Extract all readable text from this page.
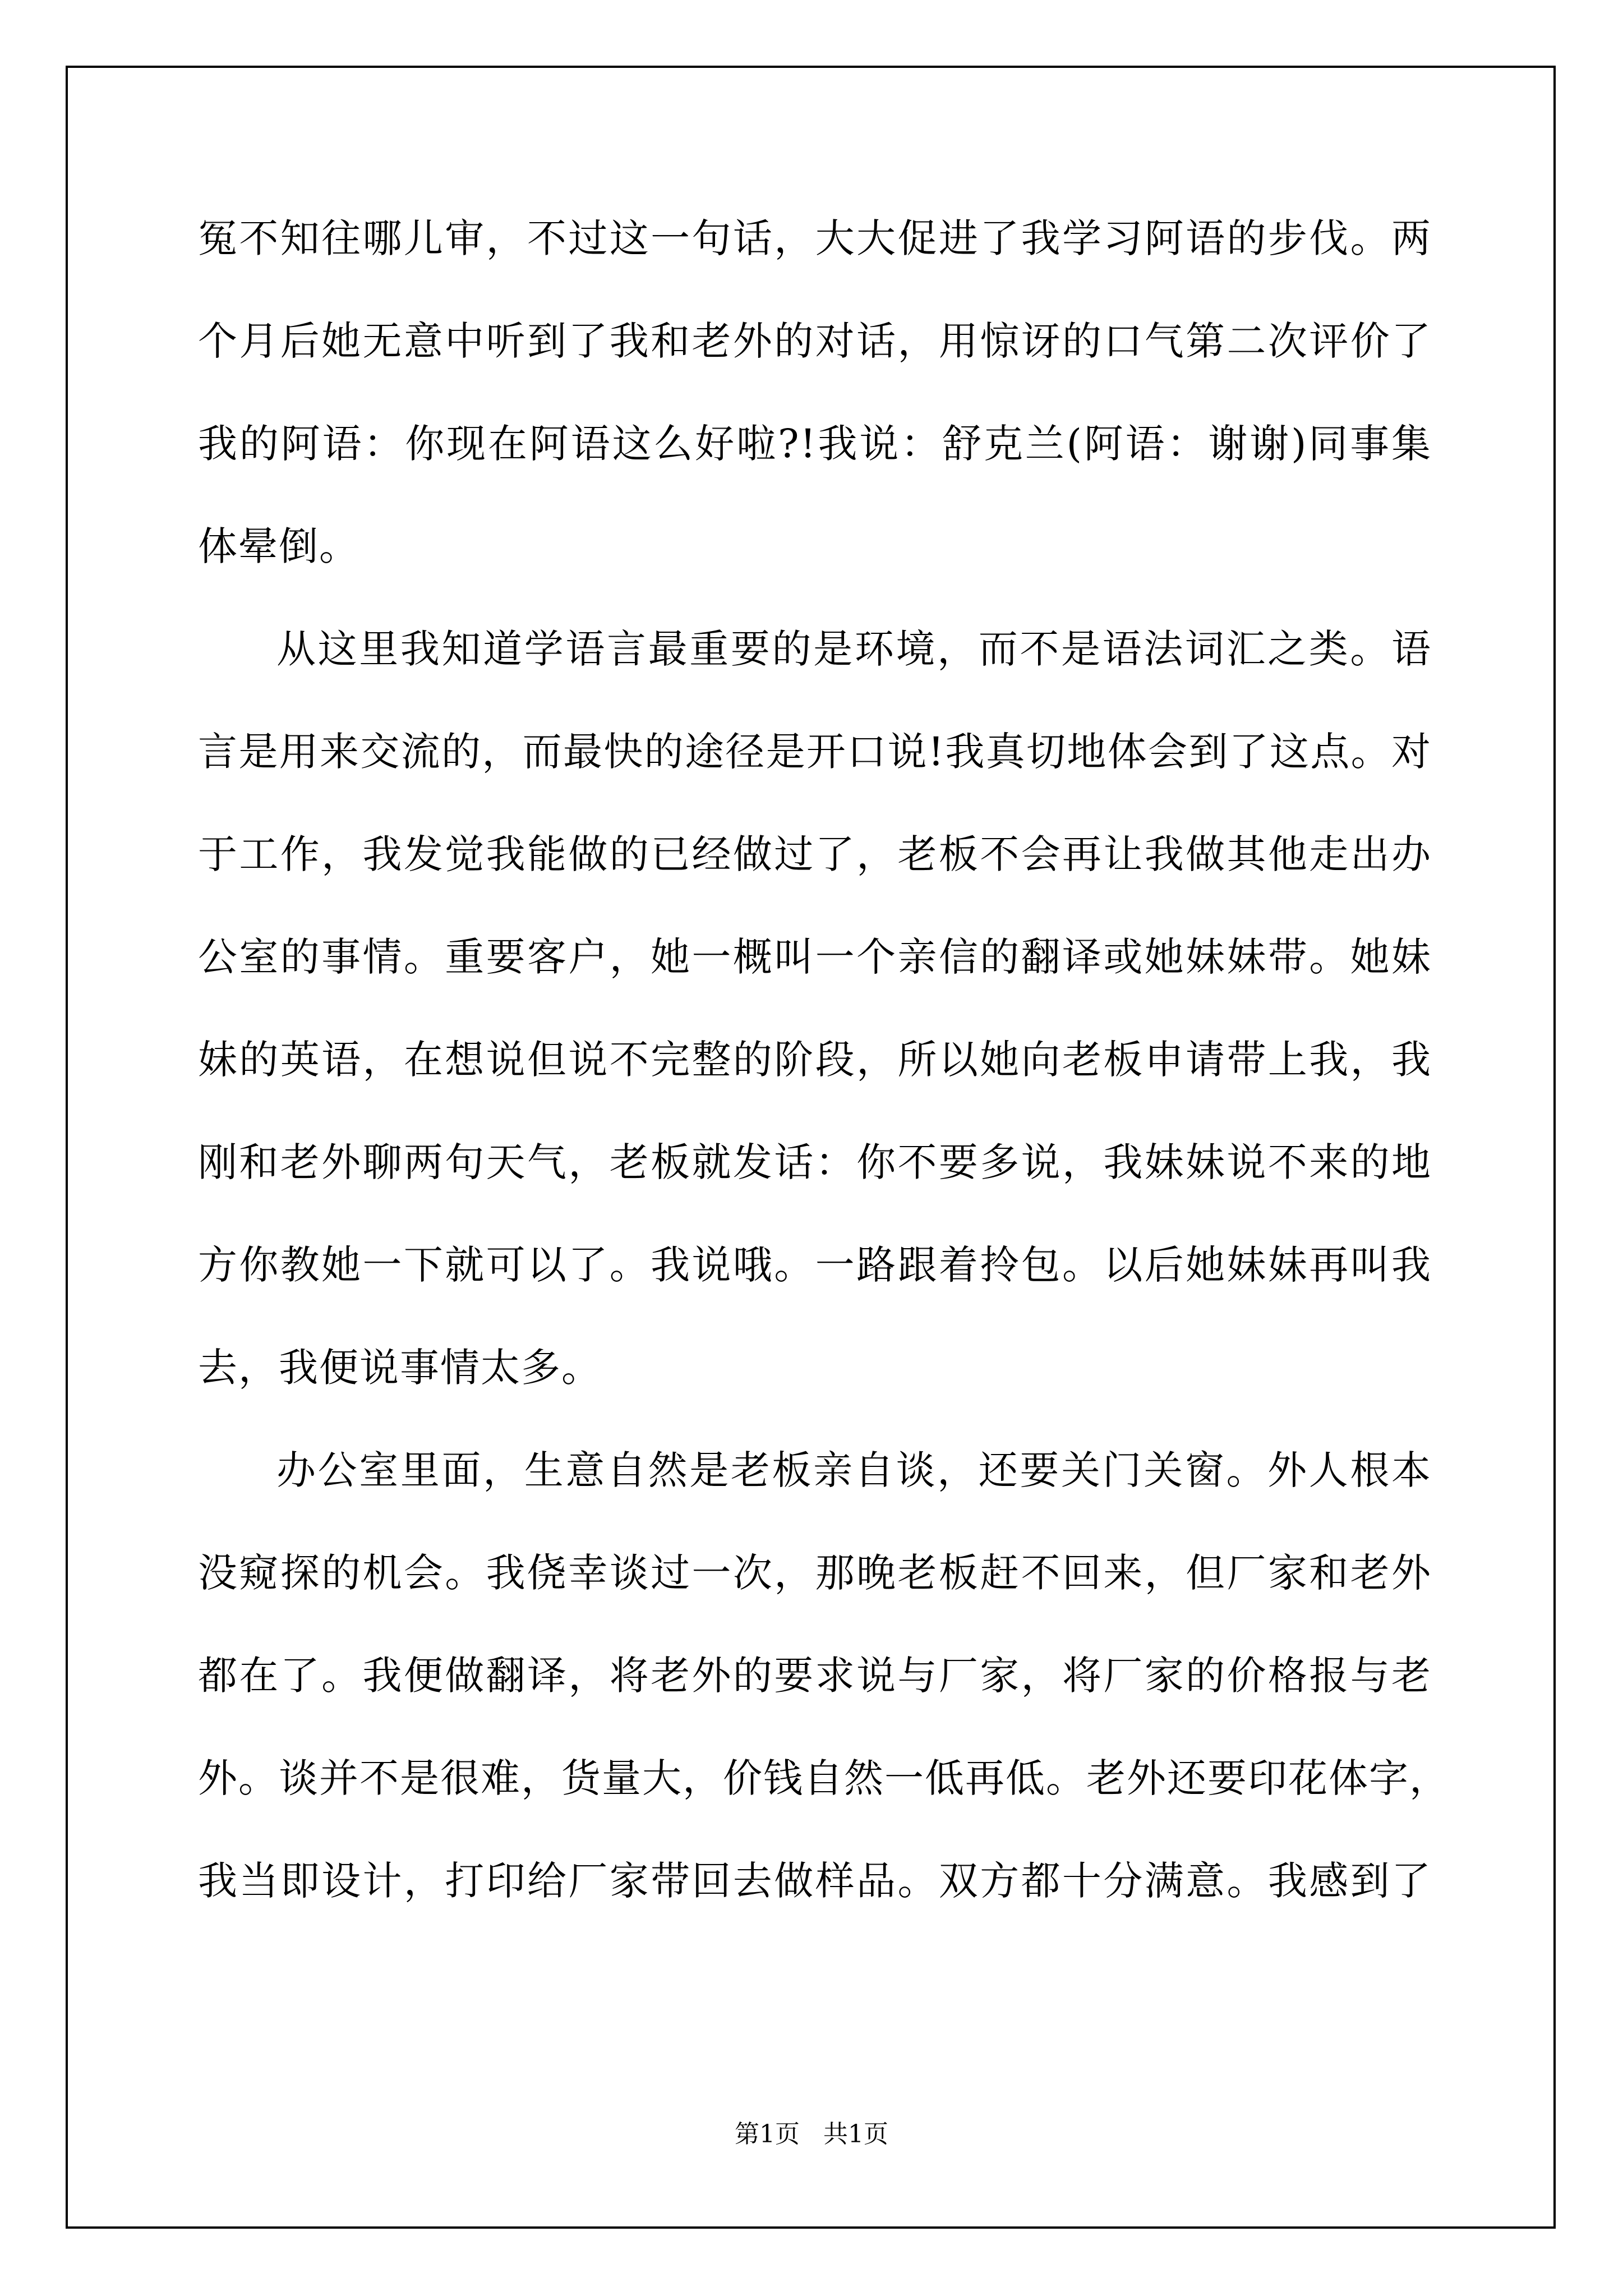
冤不知往哪儿审，不过这一句话，大大促进了我学习阿语的步伐。两
个月后她无意中听到了我和老外的对话，用惊讶的口气第二次评价了
我的阿语：你现在阿语这么好啦?!我说：舒克兰(阿语：谢谢)同事集
体晕倒。
从这里我知道学语言最重要的是环境，而不是语法词汇之类。语
言是用来交流的，而最快的途径是开口说!我真切地体会到了这点。对
于工作，我发觉我能做的已经做过了，老板不会再让我做其他走出办
公室的事情。重要客户，她一概叫一个亲信的翻译或她妹妹带。她妹
妹的英语，在想说但说不完整的阶段，所以她向老板申请带上我，我
刚和老外聊两句天气，老板就发话：你不要多说，我妹妹说不来的地
方你教她一下就可以了。我说哦。一路跟着拎包。以后她妹妹再叫我
去，我便说事情太多。
办公室里面，生意自然是老板亲自谈，还要关门关窗。外人根本
没窥探的机会。我侥幸谈过一次，那晚老板赶不回来，但厂家和老外
都在了。我便做翻译，将老外的要求说与厂家，将厂家的价格报与老
外。谈并不是很难，货量大，价钱自然一低再低。老外还要印花体字，
我当即设计，打印给厂家带回去做样品。双方都十分满意。我感到了
第1页   共1页
